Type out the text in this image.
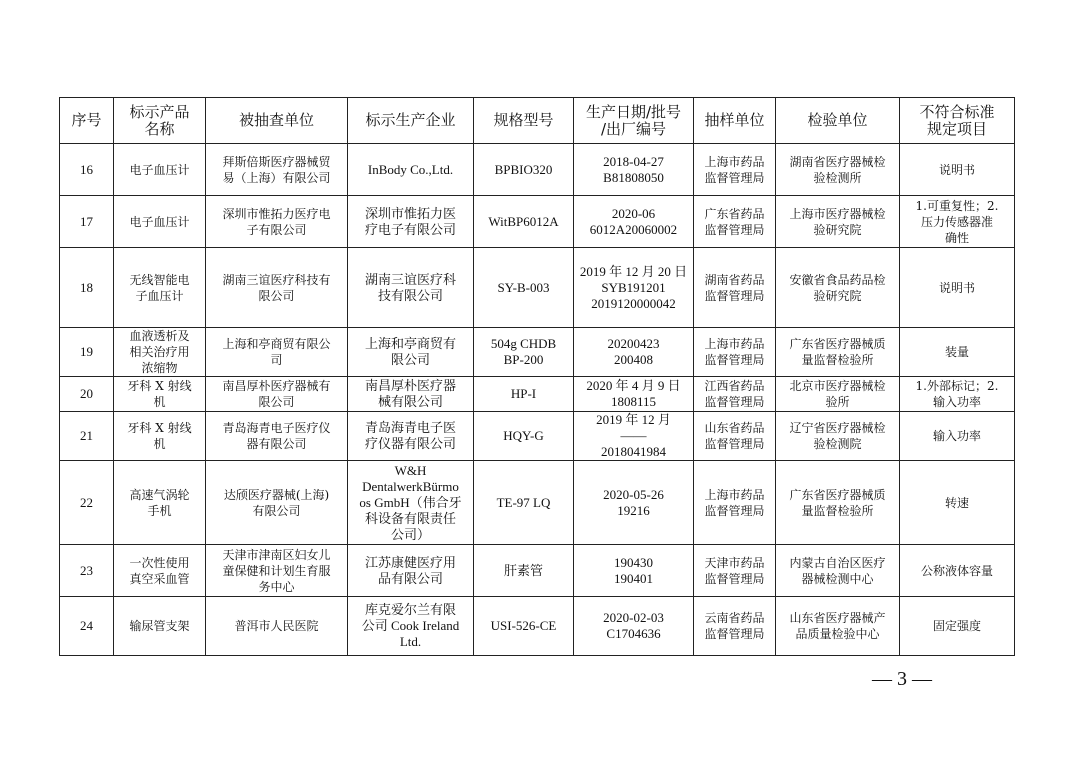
序号	标示产品
名称	被抽查单位	标示生产企业	规格型号	生产日期/批号
/出厂编号	抽样单位	检验单位	不符合标准
规定项目
16	电子血压计	拜斯倍斯医疗器械贸
易（上海）有限公司	InBody Co.,Ltd.	BPBIO320	2018-04-27
B81808050	上海市药品
监督管理局	湖南省医疗器械检
验检测所	说明书
17	电子血压计	深圳市惟拓力医疗电
子有限公司	深圳市惟拓力医
疗电子有限公司	WitBP6012A	2020-06
6012A20060002	广东省药品
监督管理局	上海市医疗器械检
验研究院	1.可重复性；2.
压力传感器准
确性
18	无线智能电
子血压计	湖南三谊医疗科技有
限公司	湖南三谊医疗科
技有限公司	SY-B-003	2019 年 12 月 20 日
SYB191201
2019120000042	湖南省药品
监督管理局	安徽省食品药品检
验研究院	说明书
19	血液透析及
相关治疗用
浓缩物	上海和亭商贸有限公
司	上海和亭商贸有
限公司	504g CHDB
BP-200	20200423
200408	上海市药品
监督管理局	广东省医疗器械质
量监督检验所	装量
20	牙科 X 射线
机	南昌厚朴医疗器械有
限公司	南昌厚朴医疗器
械有限公司	HP-I	2020 年 4 月 9 日
1808115	江西省药品
监督管理局	北京市医疗器械检
验所	1.外部标记；2.
输入功率
21	牙科 X 射线
机	青岛海青电子医疗仪
器有限公司	青岛海青电子医
疗仪器有限公司	HQY-G	2019 年 12 月
——
2018041984	山东省药品
监督管理局	辽宁省医疗器械检
验检测院	输入功率
22	高速气涡轮
手机	达颀医疗器械(上海)
有限公司	W&H
DentalwerkBürmo
os GmbH（伟合牙
科设备有限责任
公司）	TE-97 LQ	2020-05-26
19216	上海市药品
监督管理局	广东省医疗器械质
量监督检验所	转速
23	一次性使用
真空采血管	天津市津南区妇女儿
童保健和计划生育服
务中心	江苏康健医疗用
品有限公司	肝素管	190430
190401	天津市药品
监督管理局	内蒙古自治区医疗
器械检测中心	公称液体容量
24	输尿管支架	普洱市人民医院	库克爱尔兰有限
公司 Cook Ireland
Ltd.	USI-526-CE	2020-02-03
C1704636	云南省药品
监督管理局	山东省医疗器械产
品质量检验中心	固定强度
— 3 —
